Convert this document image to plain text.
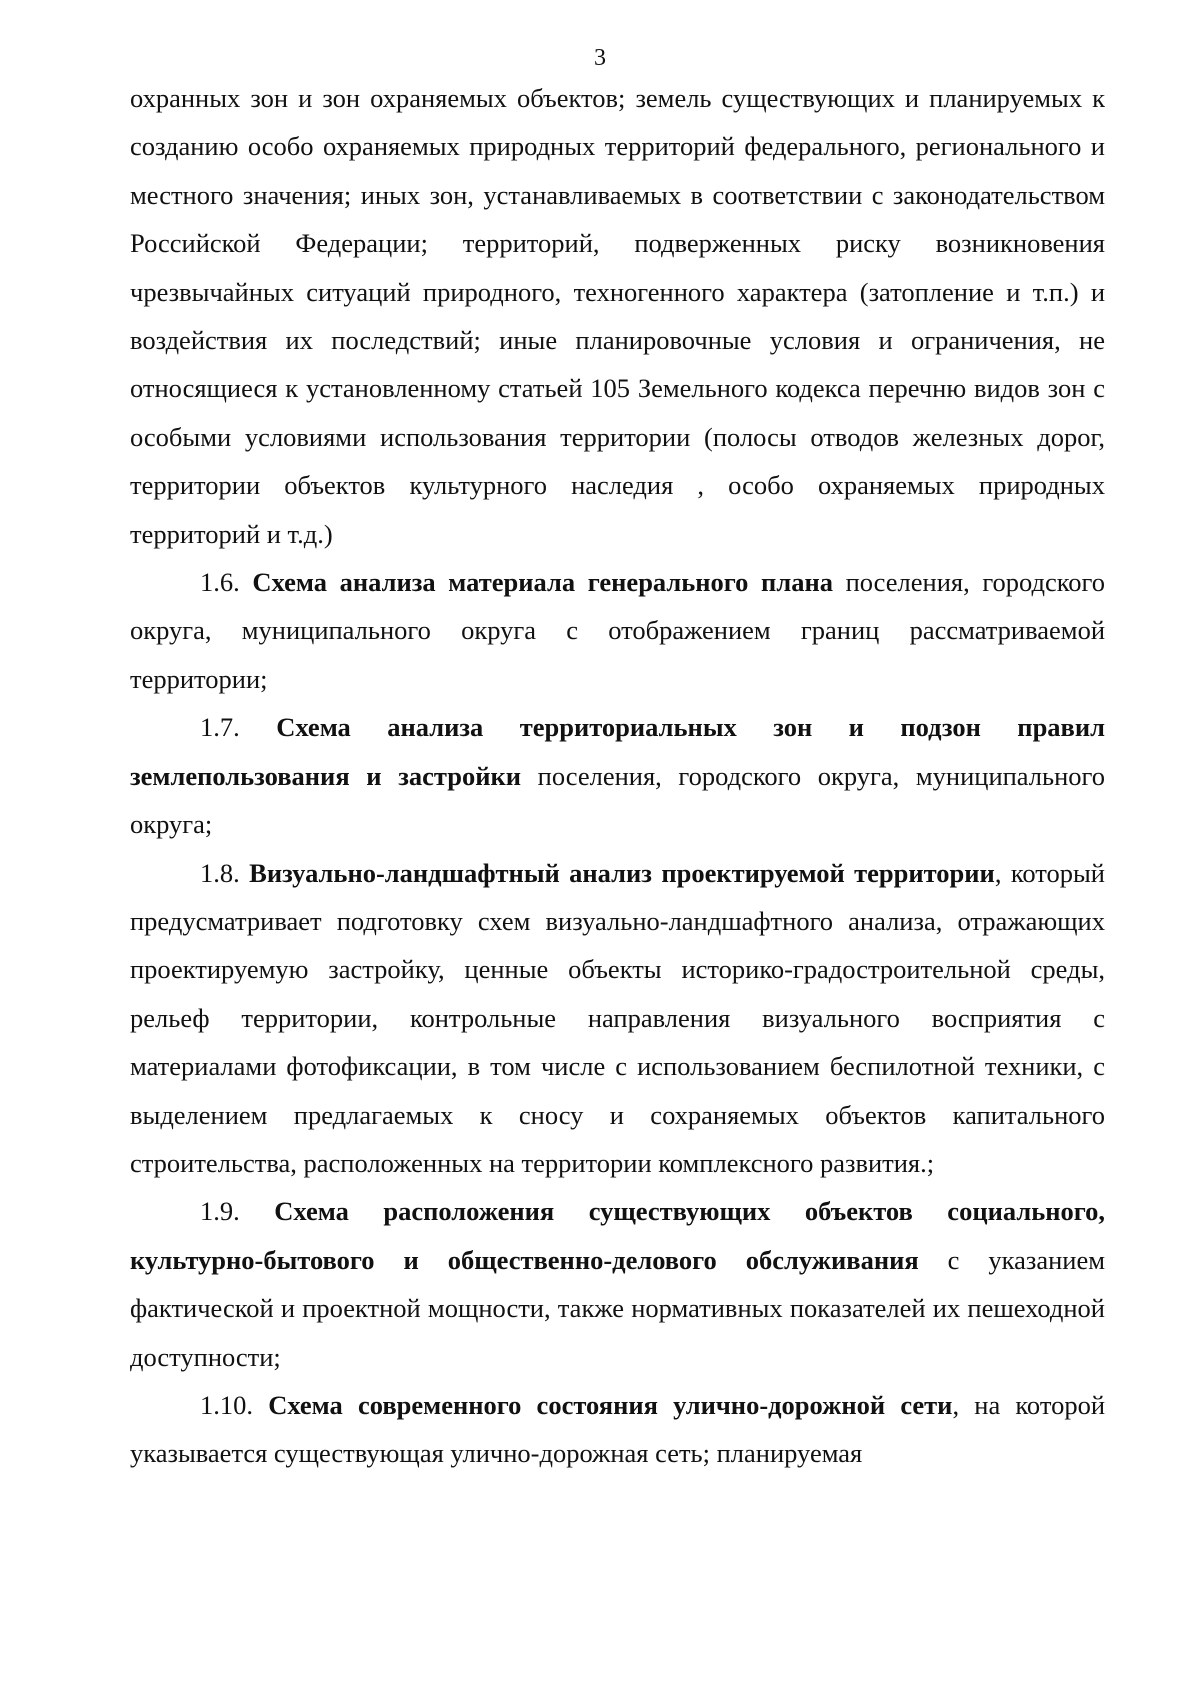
3

охранных зон и зон охраняемых объектов; земель существующих и планируемых к созданию особо охраняемых природных территорий федерального, регионального и местного значения; иных зон, устанавливаемых в соответствии с законодательством Российской Федерации; территорий, подверженных риску возникновения чрезвычайных ситуаций природного, техногенного характера (затопление и т.п.) и воздействия их последствий; иные планировочные условия и ограничения, не относящиеся к установленному статьей 105 Земельного кодекса перечню видов зон с особыми условиями использования территории (полосы отводов железных дорог, территории объектов культурного наследия , особо охраняемых природных территорий и т.д.)

1.6. Схема анализа материала генерального плана поселения, городского округа, муниципального округа с отображением границ рассматриваемой территории;

1.7. Схема анализа территориальных зон и подзон правил землепользования и застройки поселения, городского округа, муниципального округа;

1.8. Визуально-ландшафтный анализ проектируемой территории, который предусматривает подготовку схем визуально-ландшафтного анализа, отражающих проектируемую застройку, ценные объекты историко-градостроительной среды, рельеф территории, контрольные направления визуального восприятия с материалами фотофиксации, в том числе с использованием беспилотной техники, с выделением предлагаемых к сносу и сохраняемых объектов капитального строительства, расположенных на территории комплексного развития.;

1.9. Схема расположения существующих объектов социального, культурно-бытового и общественно-делового обслуживания с указанием фактической и проектной мощности, также нормативных показателей их пешеходной доступности;

1.10. Схема современного состояния улично-дорожной сети, на которой указывается существующая улично-дорожная сеть; планируемая
